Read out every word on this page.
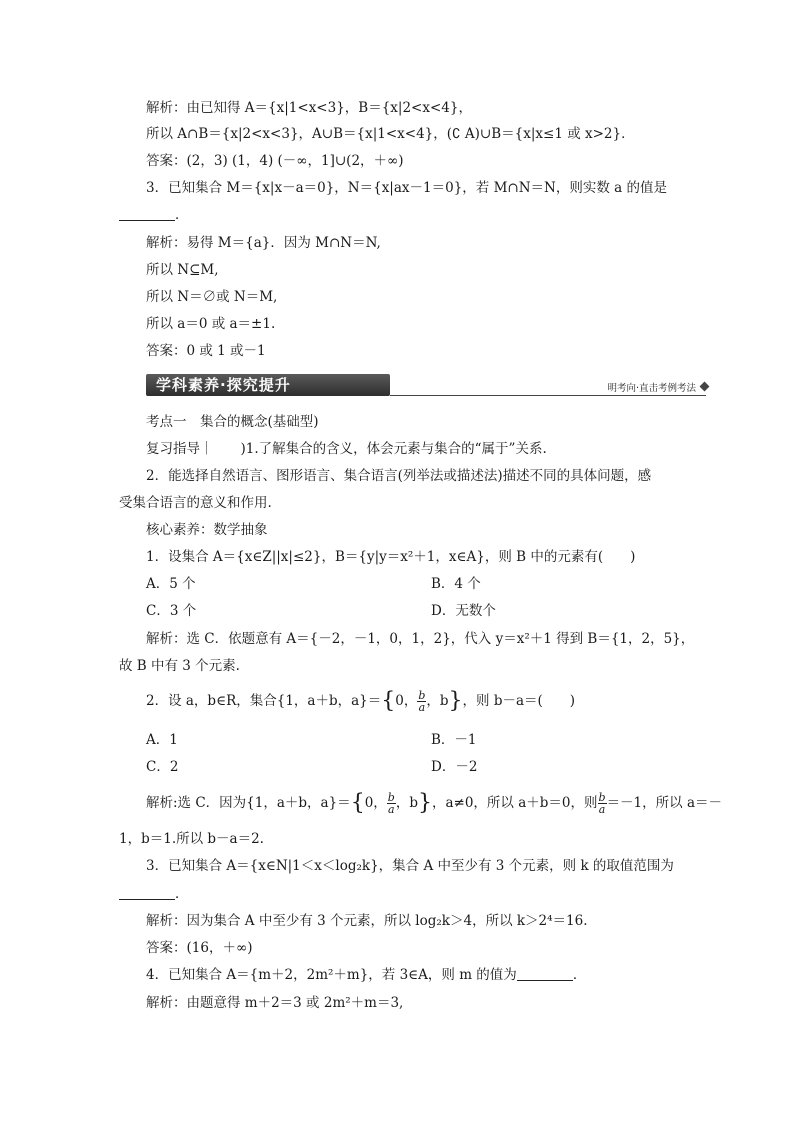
解析：由已知得 A＝{x|1<x<3}，B＝{x|2<x<4}，
所以 A∩B＝{x|2<x<3}，A∪B＝{x|1<x<4}，(∁ A)∪B＝{x|x≤1 或 x>2}．
答案：(2，3) (1，4) (－∞，1]∪(2，＋∞)
3．已知集合 M＝{x|x－a＝0}，N＝{x|ax－1＝0}，若 M∩N＝N，则实数 a 的值是
．
解析：易得 M＝{a}．因为 M∩N＝N,
所以 N⊆M,
所以 N＝∅或 N＝M,
所以 a＝0 或 a＝±1.
答案：0 或 1 或－1
学科素养·探究提升	明考向·直击考例考法
考点一　集合的概念(基础型)
复习指导｜　　)1.了解集合的含义，体会元素与集合的“属于”关系.
2．能选择自然语言、图形语言、集合语言(列举法或描述法)描述不同的具体问题，感
受集合语言的意义和作用.
核心素养：数学抽象
1．设集合 A＝{x∈Z||x|≤2}，B＝{y|y＝x²＋1，x∈A}，则 B 中的元素有(　　)
A．5 个	B．4 个
C．3 个	D．无数个
解析：选 C．依题意有 A＝{－2，－1，0，1，2}，代入 y＝x²＋1 得到 B＝{1，2，5}，
故 B 中有 3 个元素.
2．设 a，b∈R，集合{1，a＋b，a}＝{0， $\frac{b}{a}$ ，b}，则 b－a＝(　　)
A．1	B．－1
C．2	D．－2
解析:选 C．因为{1，a＋b，a}＝{0， $\frac{b}{a}$ ，b}，a≠0，所以 a＋b＝0，则 $\frac{b}{a} =-1$，所以 a＝－
1，b＝1.所以 b－a＝2.
3．已知集合 A＝{x∈N|1＜x＜log₂k}，集合 A 中至少有 3 个元素，则 k 的取值范围为
．
解析：因为集合 A 中至少有 3 个元素，所以 log₂k＞4，所以 k＞2⁴＝16.
答案：(16，＋∞)
4．已知集合 A＝{m＋2，2m²＋m}，若 3∈A，则 m 的值为	．
解析：由题意得 m＋2＝3 或 2m²＋m＝3,
